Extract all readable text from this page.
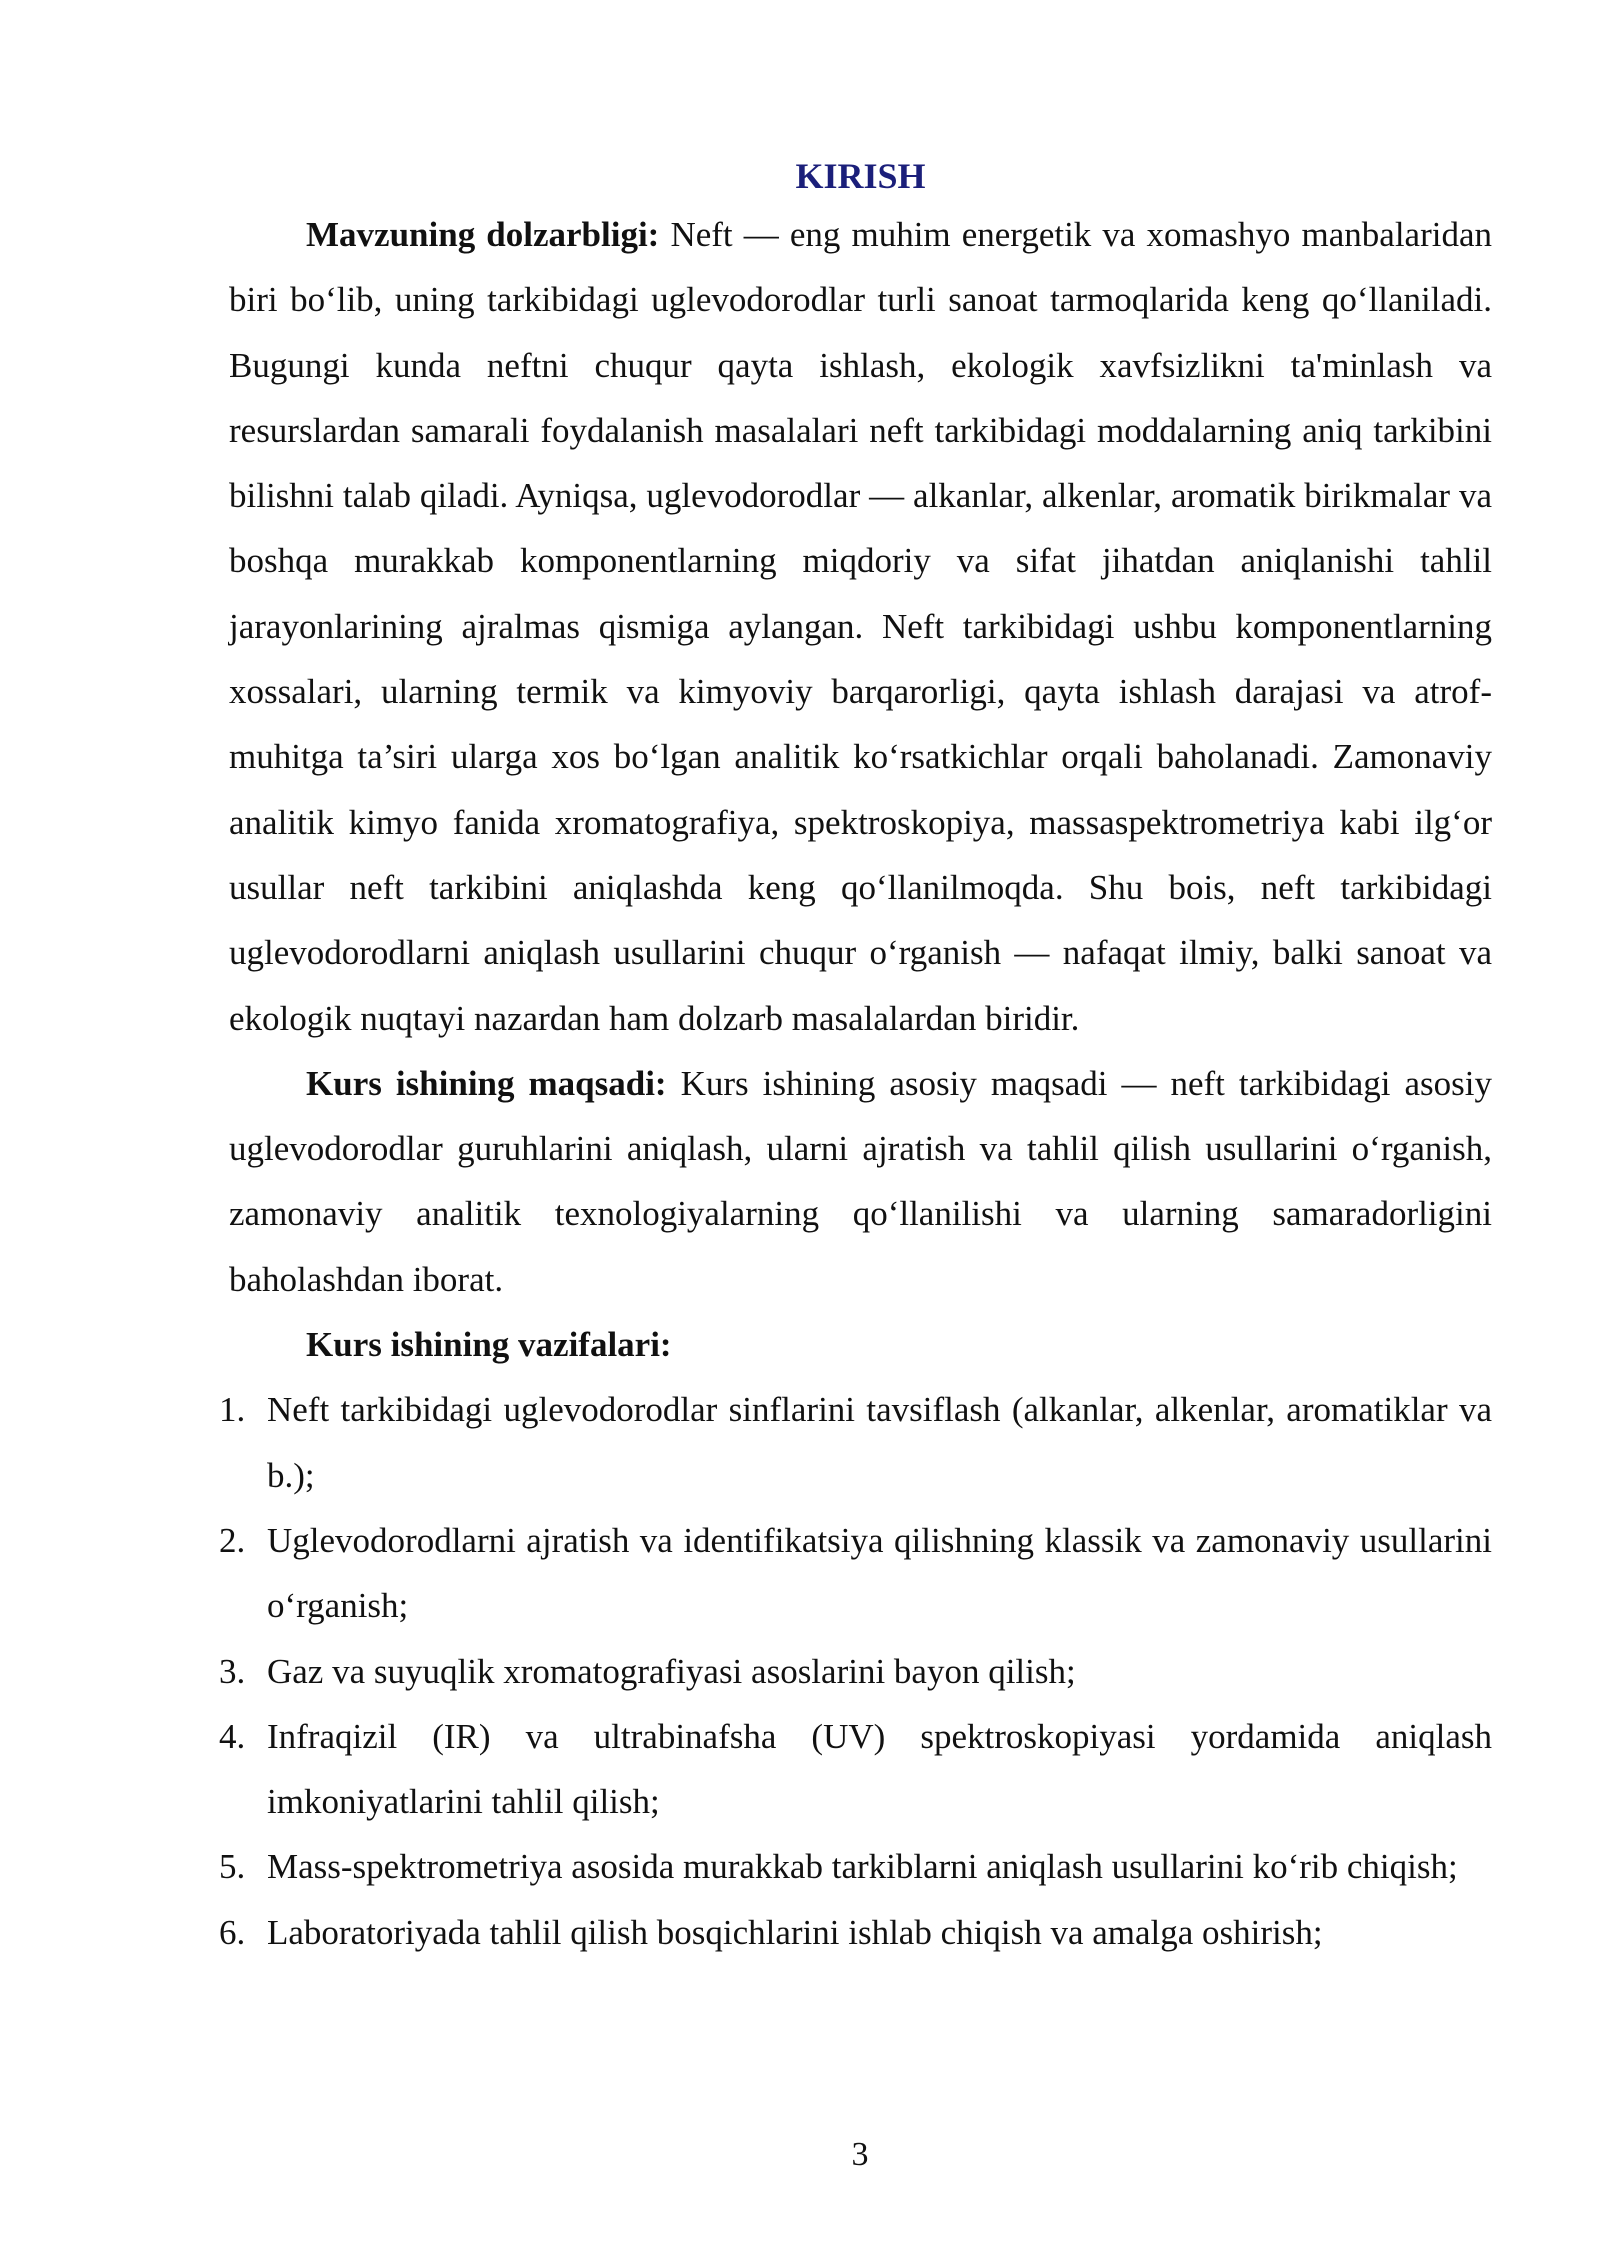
KIRISH

Mavzuning dolzarbligi: Neft — eng muhim energetik va xomashyo manbalaridan biri bo‘lib, uning tarkibidagi uglevodorodlar turli sanoat tarmoqlarida keng qo‘llaniladi. Bugungi kunda neftni chuqur qayta ishlash, ekologik xavfsizlikni ta'minlash va resurslardan samarali foydalanish masalalari neft tarkibidagi moddalarning aniq tarkibini bilishni talab qiladi. Ayniqsa, uglevodorodlar — alkanlar, alkenlar, aromatik birikmalar va boshqa murakkab komponentlarning miqdoriy va sifat jihatdan aniqlanishi tahlil jarayonlarining ajralmas qismiga aylangan. Neft tarkibidagi ushbu komponentlarning xossalari, ularning termik va kimyoviy barqarorligi, qayta ishlash darajasi va atrof-muhitga ta’siri ularga xos bo‘lgan analitik ko‘rsatkichlar orqali baholanadi. Zamonaviy analitik kimyo fanida xromatografiya, spektroskopiya, massaspektrometriya kabi ilg‘or usullar neft tarkibini aniqlashda keng qo‘llanilmoqda. Shu bois, neft tarkibidagi uglevodorodlarni aniqlash usullarini chuqur o‘rganish — nafaqat ilmiy, balki sanoat va ekologik nuqtayi nazardan ham dolzarb masalalardan biridir.

Kurs ishining maqsadi: Kurs ishining asosiy maqsadi — neft tarkibidagi asosiy uglevodorodlar guruhlarini aniqlash, ularni ajratish va tahlil qilish usullarini o‘rganish, zamonaviy analitik texnologiyalarning qo‘llanilishi va ularning samaradorligini baholashdan iborat.

Kurs ishining vazifalari:

1. Neft tarkibidagi uglevodorodlar sinflarini tavsiflash (alkanlar, alkenlar, aromatiklar va b.);
2. Uglevodorodlarni ajratish va identifikatsiya qilishning klassik va zamonaviy usullarini o‘rganish;
3. Gaz va suyuqlik xromatografiyasi asoslarini bayon qilish;
4. Infraqizil (IR) va ultrabinafsha (UV) spektroskopiyasi yordamida aniqlash imkoniyatlarini tahlil qilish;
5. Mass-spektrometriya asosida murakkab tarkiblarni aniqlash usullarini ko‘rib chiqish;
6. Laboratoriyada tahlil qilish bosqichlarini ishlab chiqish va amalga oshirish;
3
